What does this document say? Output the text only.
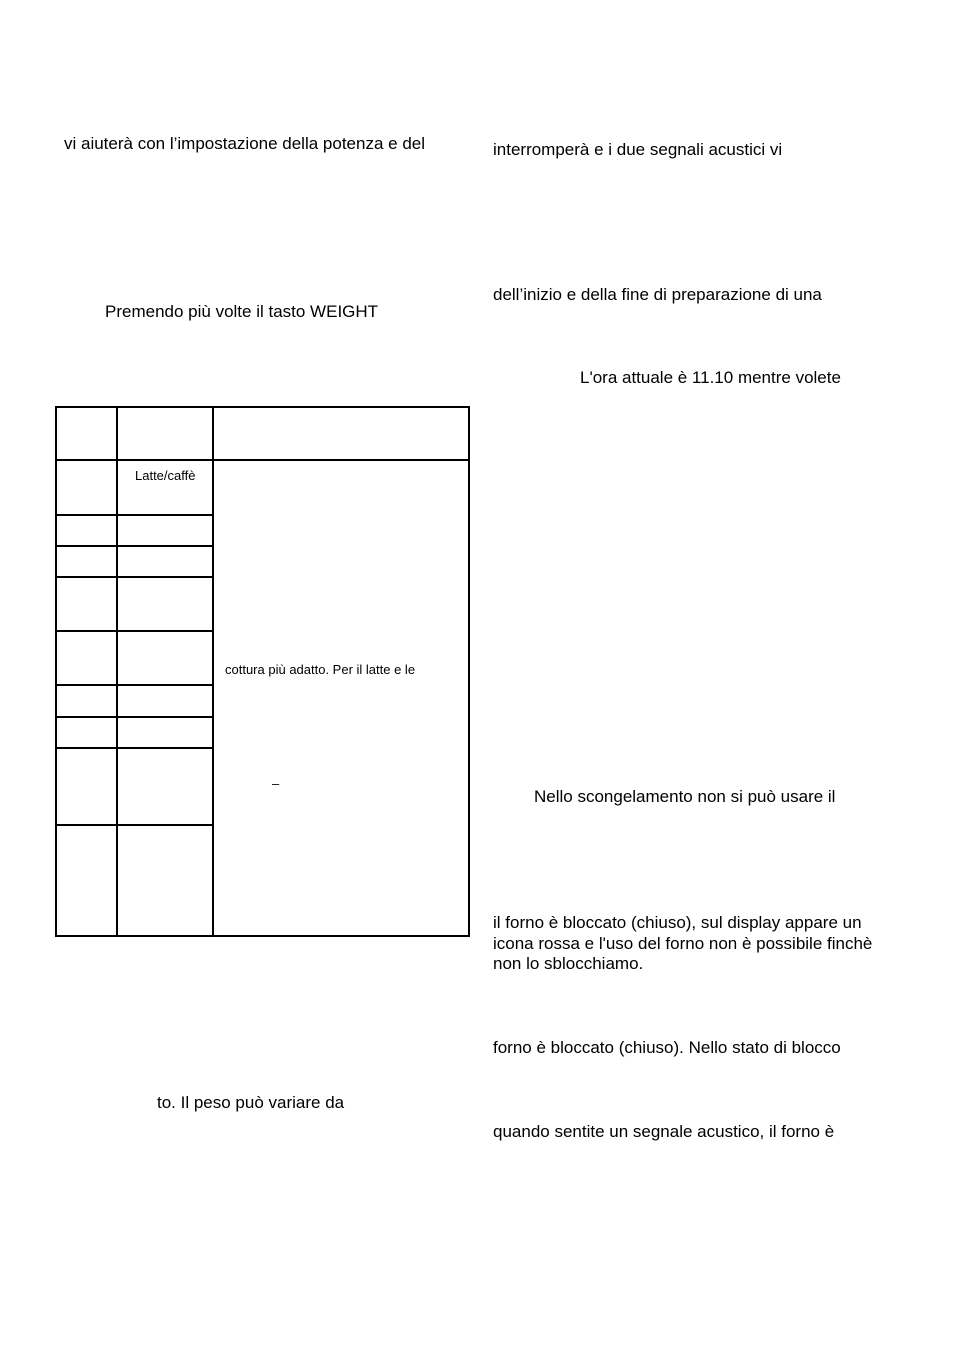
vi aiuterà con l’impostazione della potenza e del
Premendo più volte il tasto WEIGHT
Latte/caffè
cottura più adatto. Per il latte e le
–
to. Il peso può variare da
interromperà e i due segnali acustici vi
dell’inizio e della fine di preparazione di una
L'ora attuale è 11.10 mentre volete
Nello scongelamento non si può usare il
il forno è bloccato (chiuso), sul display appare un icona rossa e l'uso del forno non è possibile finchè non lo sblocchiamo.
forno è bloccato (chiuso). Nello stato di blocco
quando sentite un segnale acustico, il forno è
